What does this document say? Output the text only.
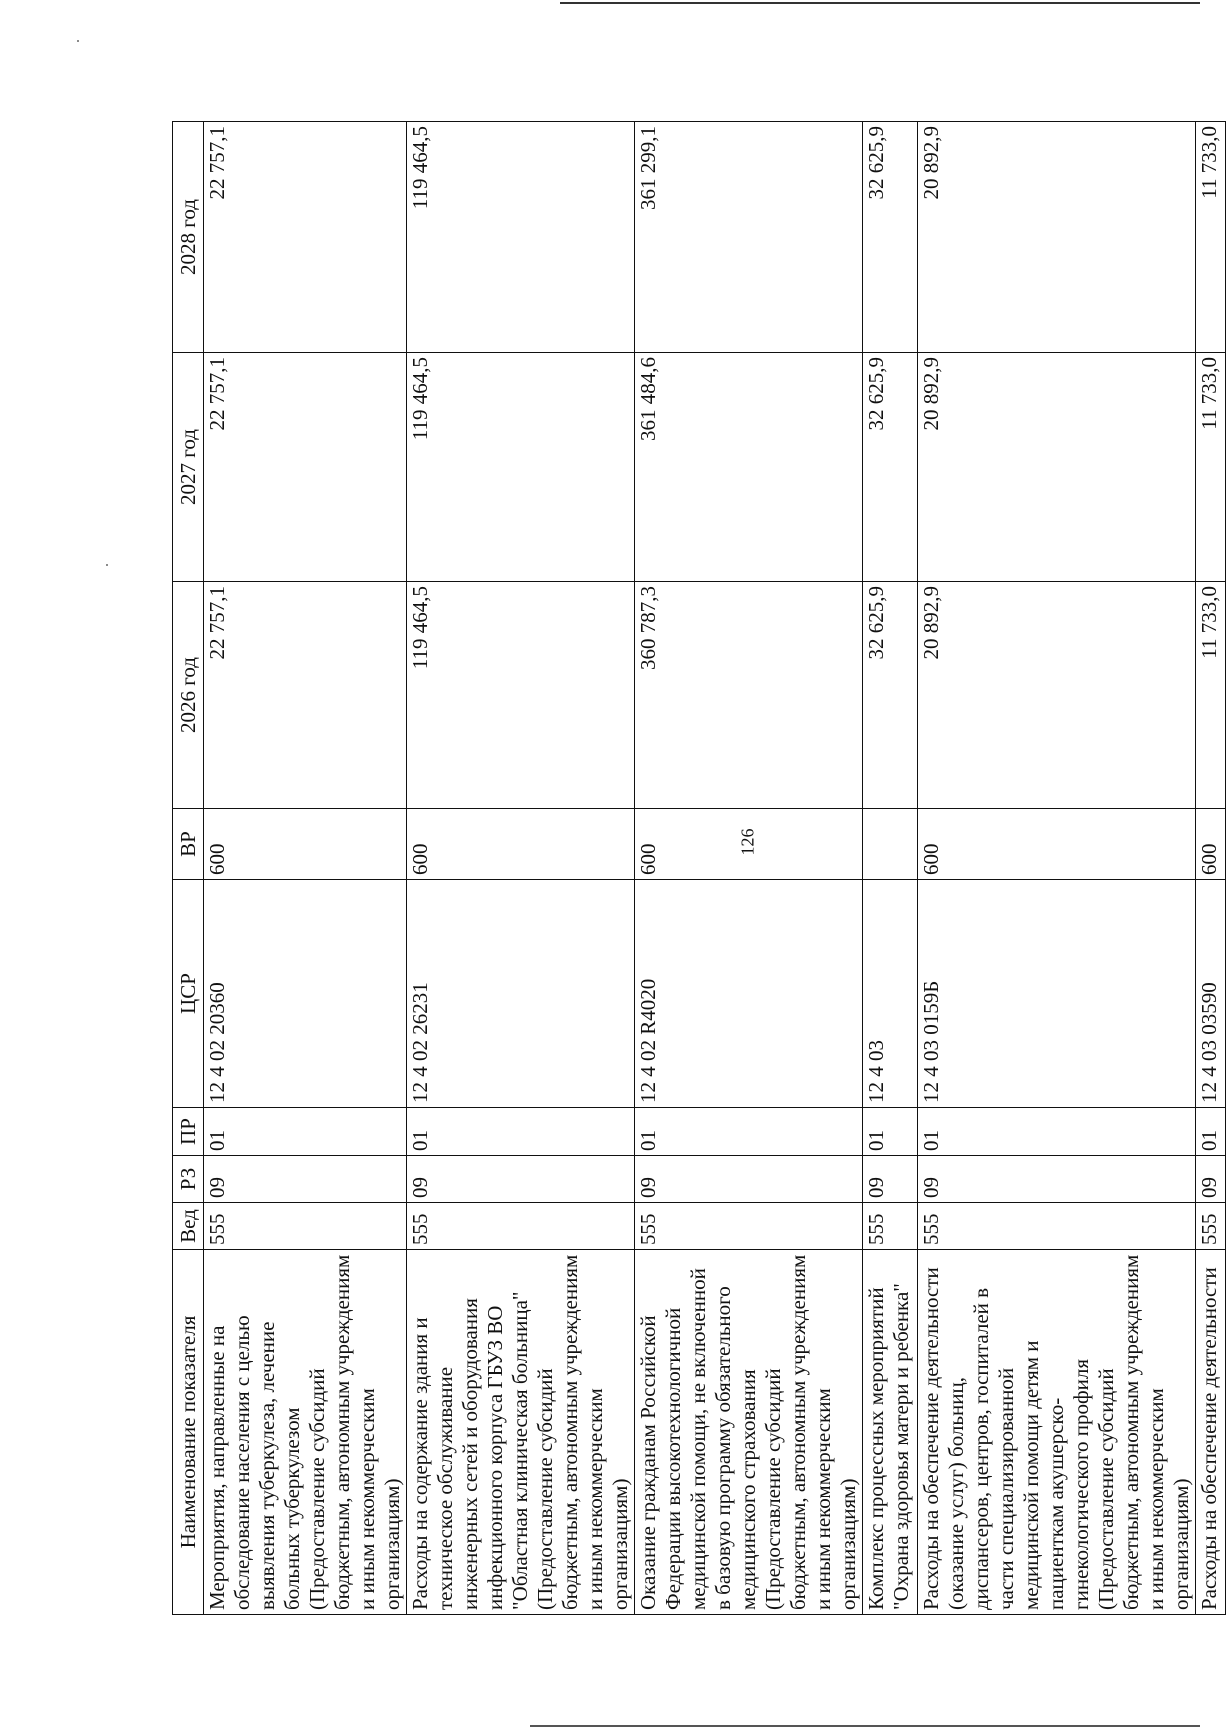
126
Наименование показателя	Вед	РЗ	ПР	ЦСР	ВР	2026 год	2027 год	2028 год
Мероприятия, направленные на обследование населения с целью выявления туберкулеза, лечение больных туберкулезом (Предоставление субсидий бюджетным, автономным учреждениям и иным некоммерческим организациям)	555	09	01	12 4 02 20360	600	22 757,1	22 757,1	22 757,1
Расходы на содержание здания и техническое обслуживание инженерных сетей и оборудования инфекционного корпуса ГБУЗ ВО "Областная клиническая больница" (Предоставление субсидий бюджетным, автономным учреждениям и иным некоммерческим организациям)	555	09	01	12 4 02 26231	600	119 464,5	119 464,5	119 464,5
Оказание гражданам Российской Федерации высокотехнологичной медицинской помощи, не включенной в базовую программу обязательного медицинского страхования (Предоставление субсидий бюджетным, автономным учреждениям и иным некоммерческим организациям)	555	09	01	12 4 02 R4020	600	360 787,3	361 484,6	361 299,1
Комплекс процессных мероприятий "Охрана здоровья матери и ребенка"	555	09	01	12 4 03		32 625,9	32 625,9	32 625,9
Расходы на обеспечение деятельности (оказание услуг) больниц, диспансеров, центров, госпиталей в части специализированной медицинской помощи детям и пациенткам акушерско-гинекологического профиля (Предоставление субсидий бюджетным, автономным учреждениям и иным некоммерческим организациям)	555	09	01	12 4 03 0159Б	600	20 892,9	20 892,9	20 892,9
Расходы на обеспечение деятельности	555	09	01	12 4 03 03590	600	11 733,0	11 733,0	11 733,0
